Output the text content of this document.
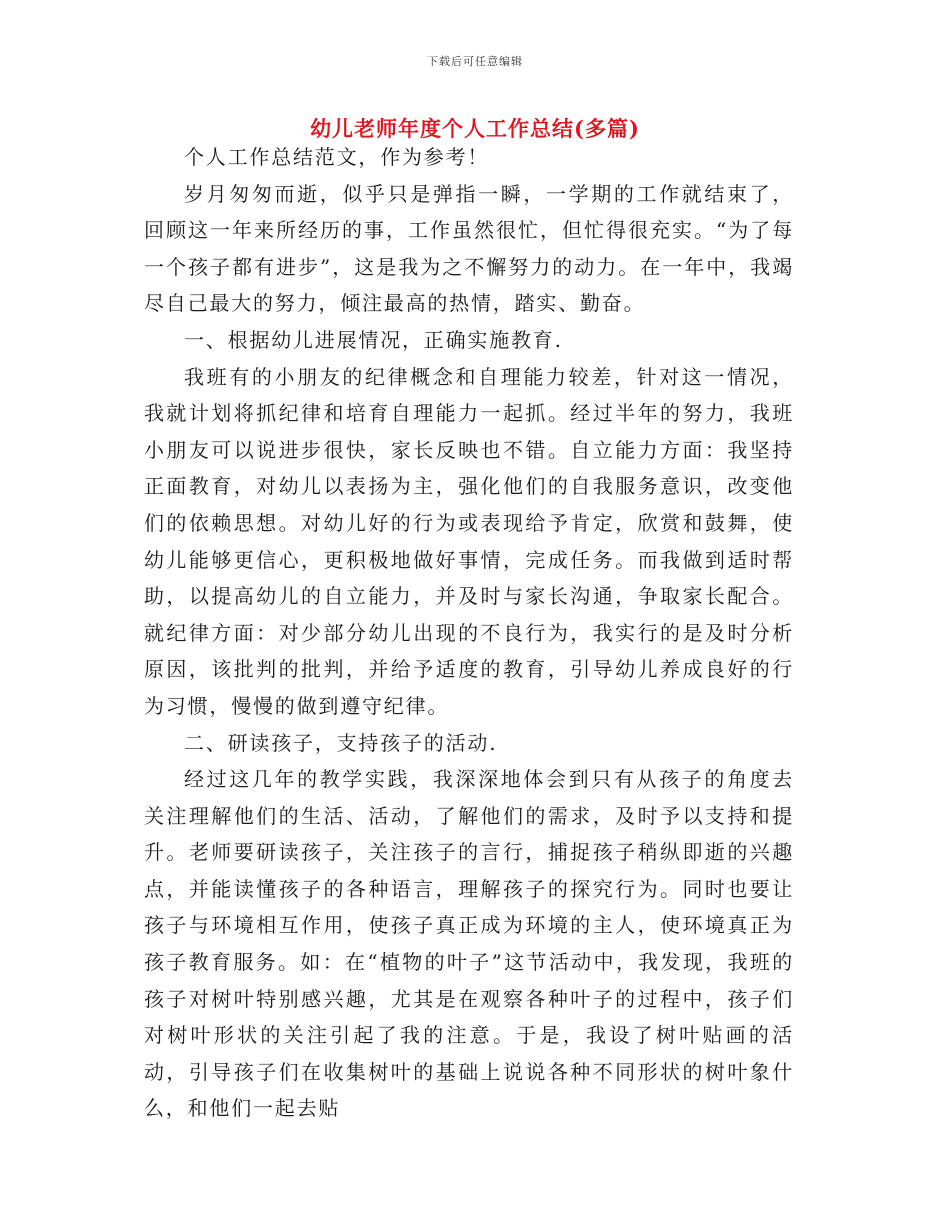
下载后可任意编辑
幼儿老师年度个人工作总结(多篇)

个人工作总结范文，作为参考！

岁月匆匆而逝，似乎只是弹指一瞬，一学期的工作就结束了，回顾这一年来所经历的事，工作虽然很忙，但忙得很充实。“为了每一个孩子都有进步”，这是我为之不懈努力的动力。在一年中，我竭尽自己最大的努力，倾注最高的热情，踏实、勤奋。

一、根据幼儿进展情况，正确实施教育.

我班有的小朋友的纪律概念和自理能力较差，针对这一情况，我就计划将抓纪律和培育自理能力一起抓。经过半年的努力，我班小朋友可以说进步很快，家长反映也不错。自立能力方面：我坚持正面教育，对幼儿以表扬为主，强化他们的自我服务意识，改变他们的依赖思想。对幼儿好的行为或表现给予肯定，欣赏和鼓舞，使幼儿能够更信心，更积极地做好事情，完成任务。而我做到适时帮助，以提高幼儿的自立能力，并及时与家长沟通，争取家长配合。就纪律方面：对少部分幼儿出现的不良行为，我实行的是及时分析原因，该批判的批判，并给予适度的教育，引导幼儿养成良好的行为习惯，慢慢的做到遵守纪律。

二、研读孩子，支持孩子的活动.

经过这几年的教学实践，我深深地体会到只有从孩子的角度去关注理解他们的生活、活动，了解他们的需求，及时予以支持和提升。老师要研读孩子，关注孩子的言行，捕捉孩子稍纵即逝的兴趣点，并能读懂孩子的各种语言，理解孩子的探究行为。同时也要让孩子与环境相互作用，使孩子真正成为环境的主人，使环境真正为孩子教育服务。如：在“植物的叶子”这节活动中，我发现，我班的孩子对树叶特别感兴趣，尤其是在观察各种叶子的过程中，孩子们对树叶形状的关注引起了我的注意。于是，我设了树叶贴画的活动，引导孩子们在收集树叶的基础上说说各种不同形状的树叶象什么，和他们一起去贴
